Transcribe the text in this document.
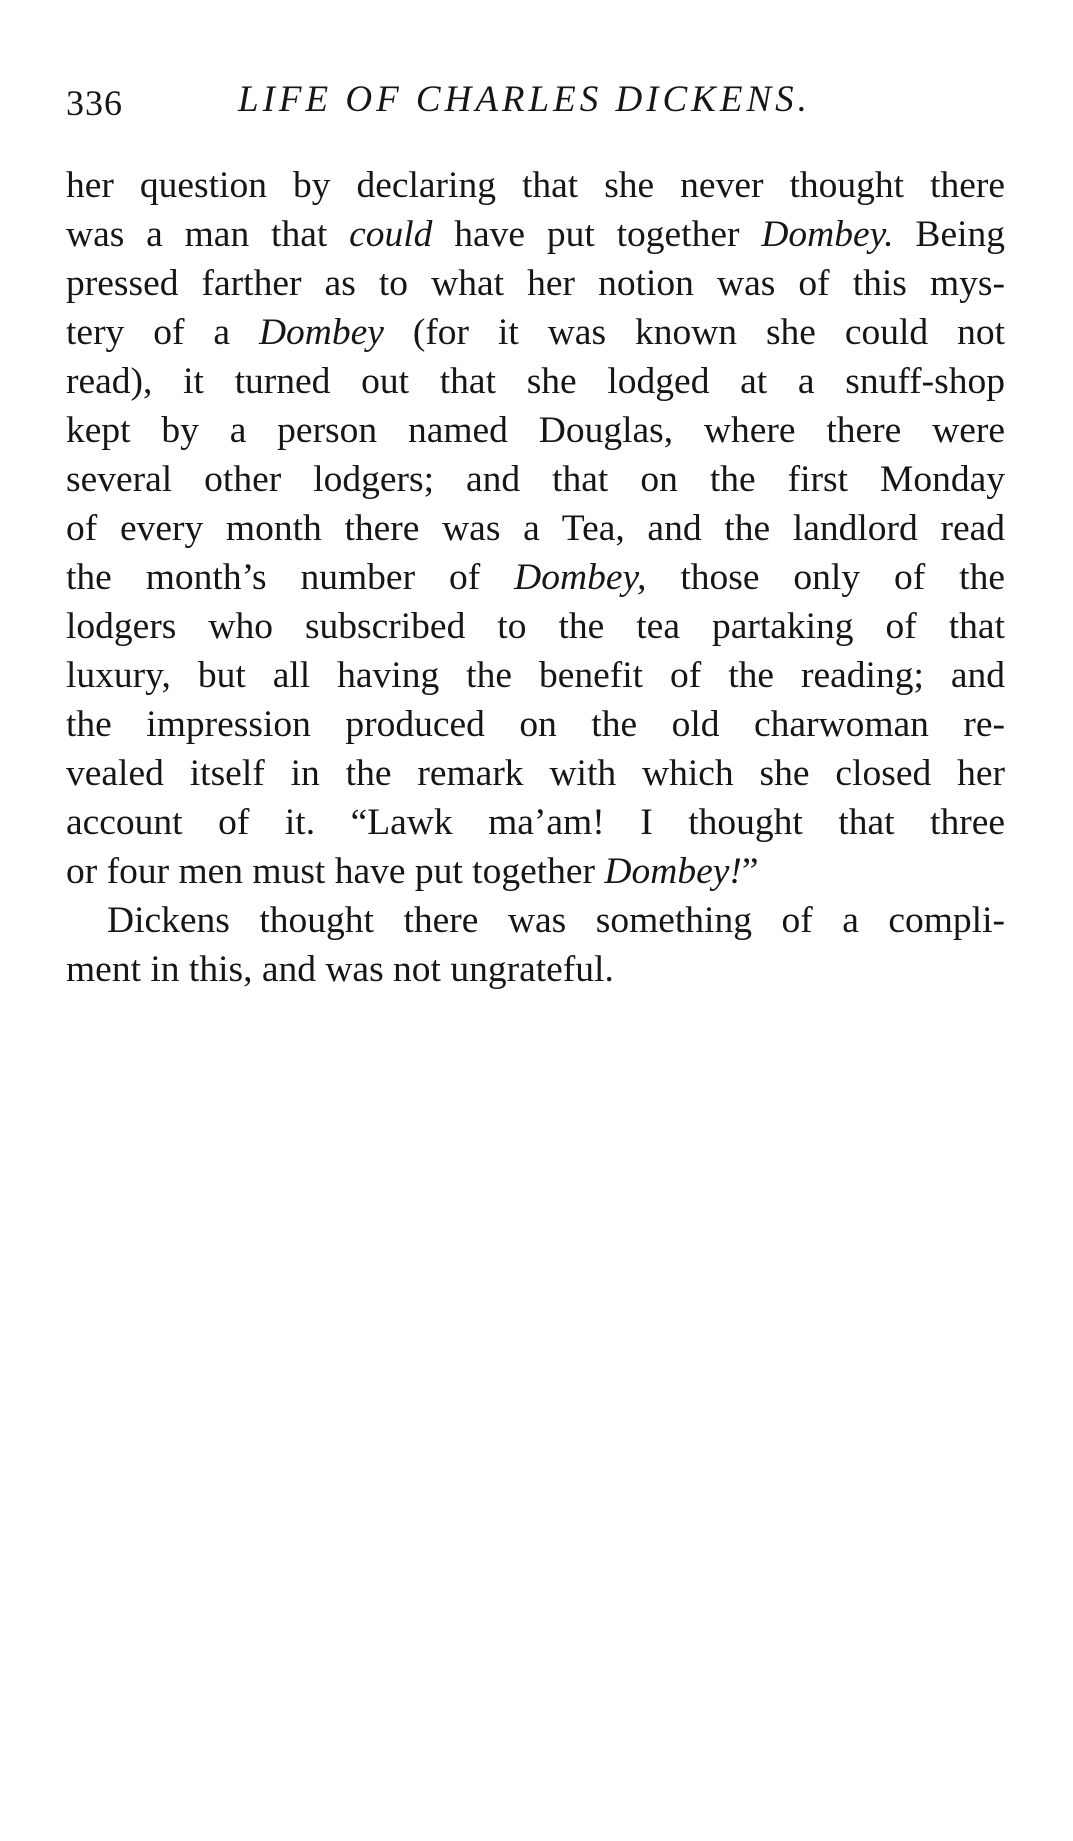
336	LIFE OF CHARLES DICKENS.
her question by declaring that she never thought there
was a man that could have put together Dombey. Being
pressed farther as to what her notion was of this mys-
tery of a Dombey (for it was known she could not
read), it turned out that she lodged at a snuff-shop
kept by a person named Douglas, where there were
several other lodgers; and that on the first Monday
of every month there was a Tea, and the landlord read
the month’s number of Dombey, those only of the
lodgers who subscribed to the tea partaking of that
luxury, but all having the benefit of the reading; and
the impression produced on the old charwoman re-
vealed itself in the remark with which she closed her
account of it. “Lawk ma’am! I thought that three
or four men must have put together Dombey!”
Dickens thought there was something of a compli-
ment in this, and was not ungrateful.
